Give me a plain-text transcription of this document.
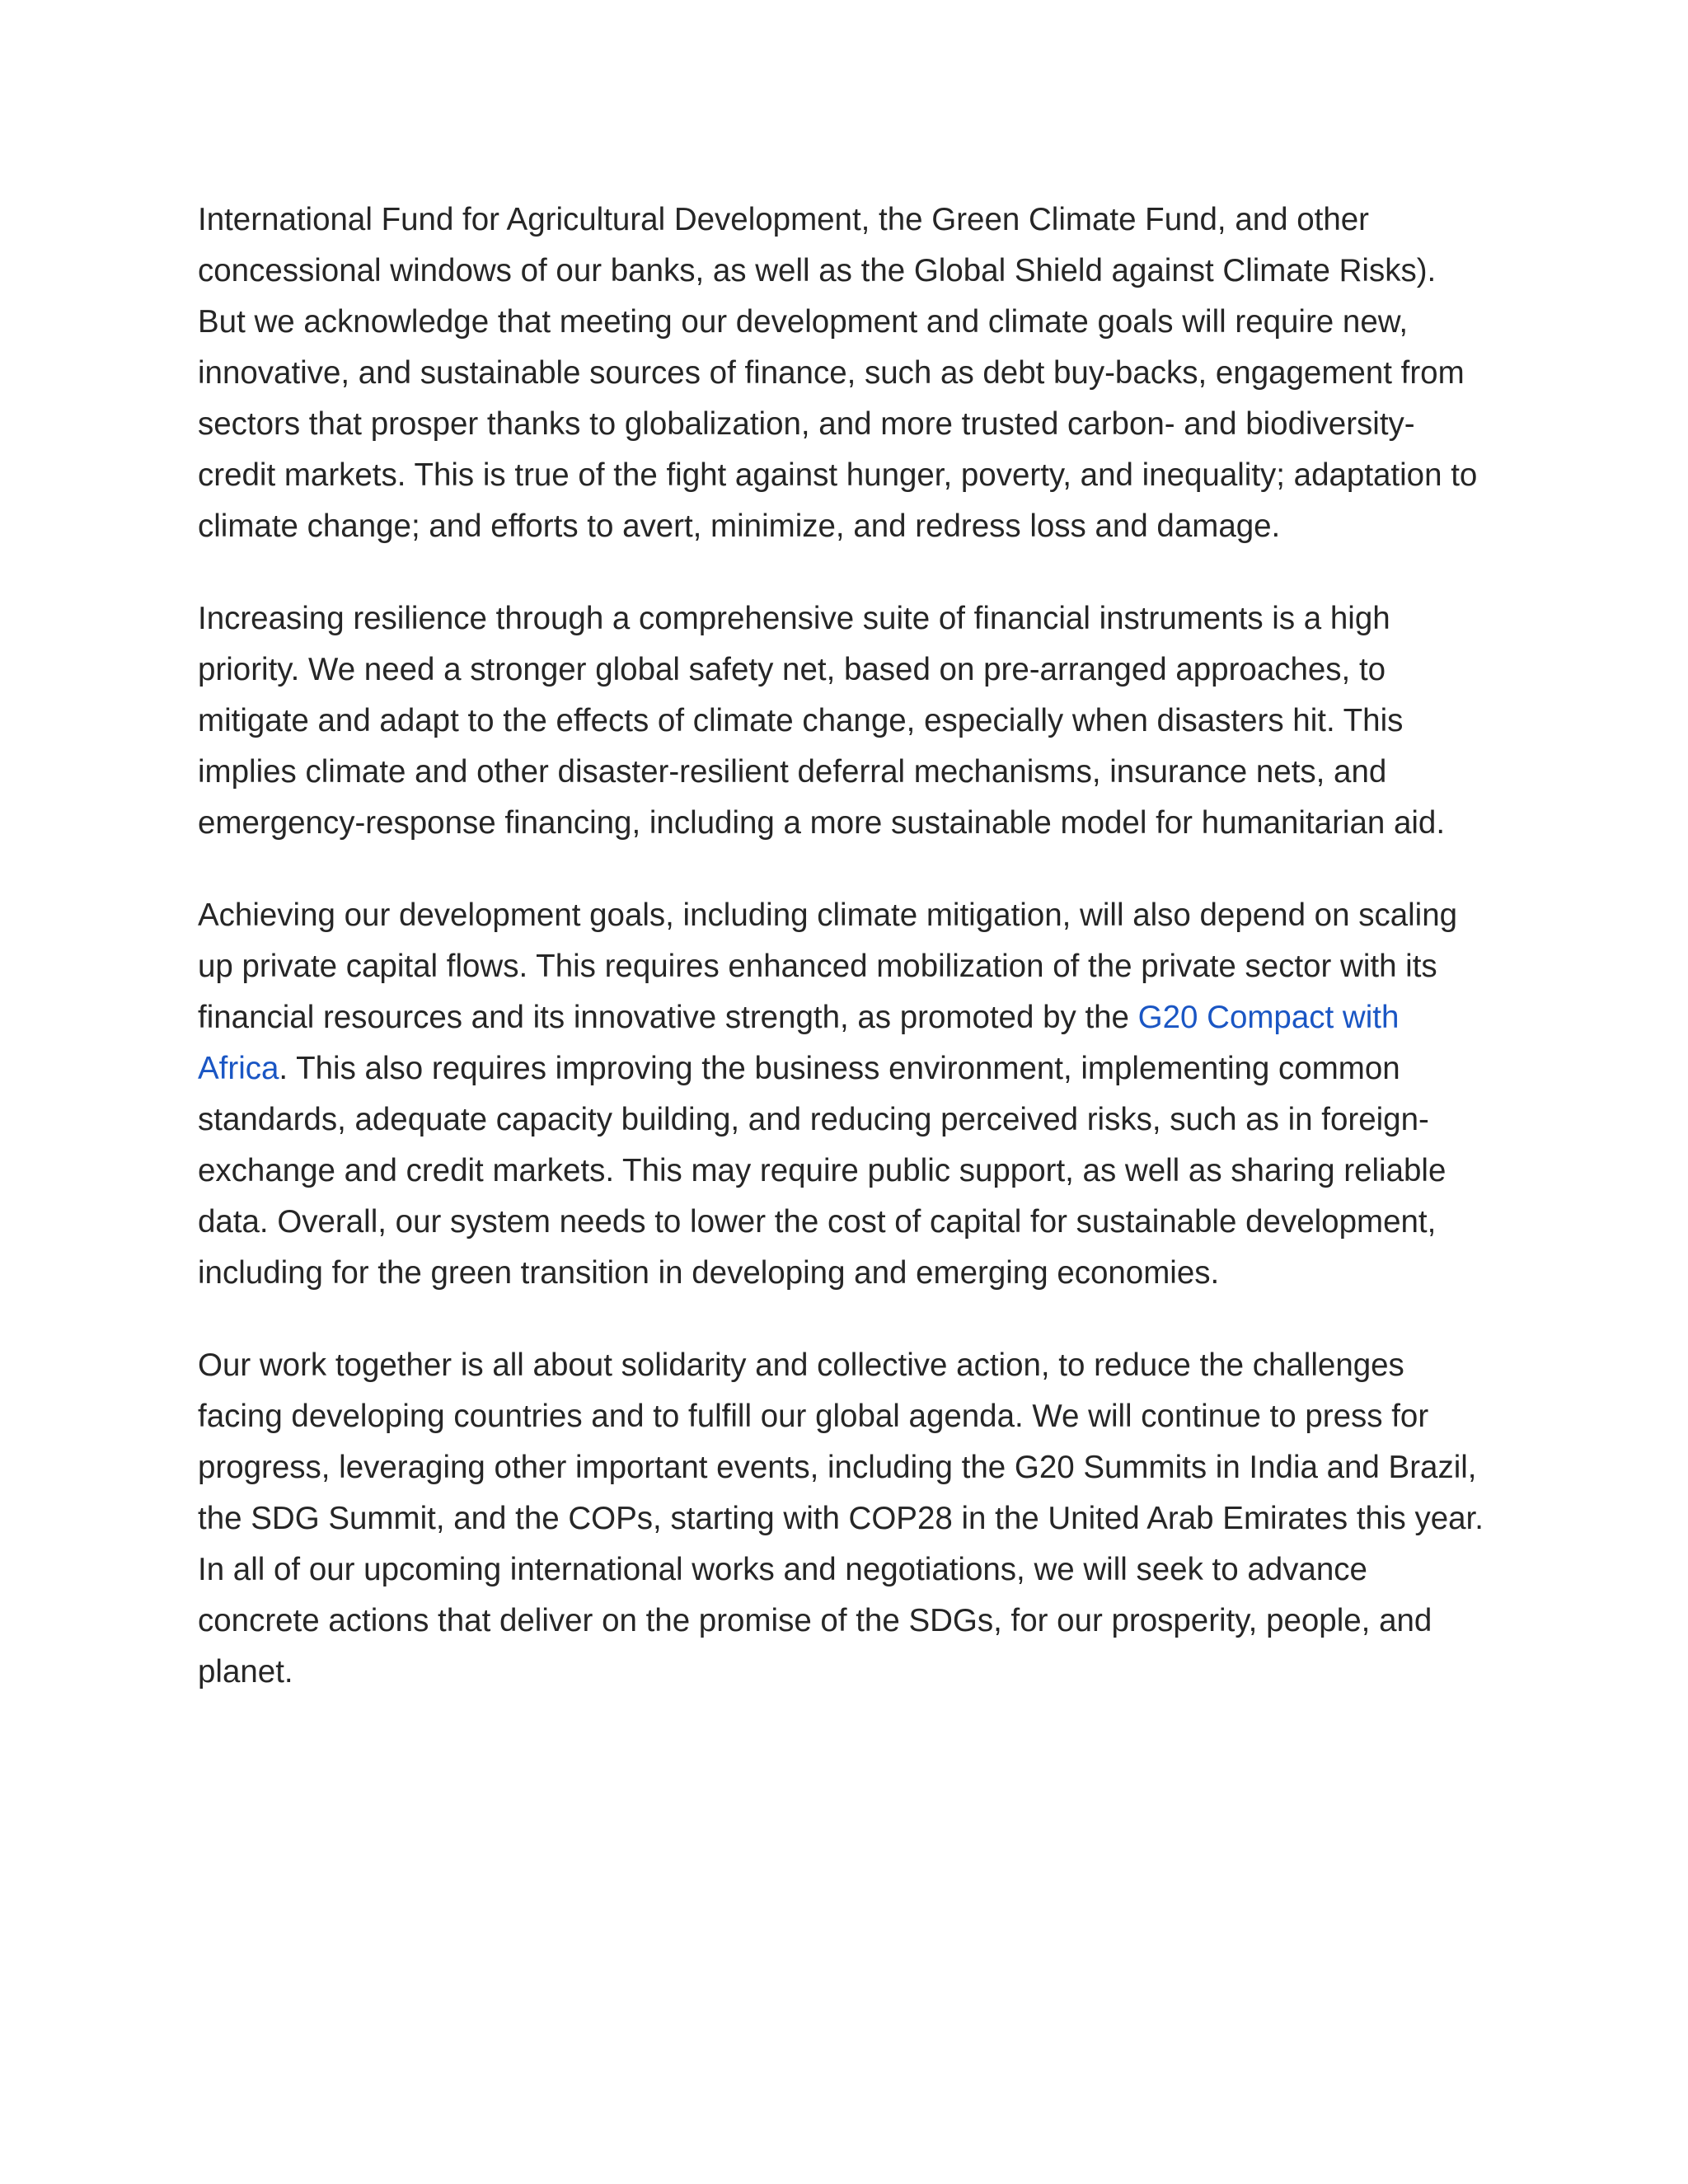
International Fund for Agricultural Development, the Green Climate Fund, and other concessional windows of our banks, as well as the Global Shield against Climate Risks). But we acknowledge that meeting our development and climate goals will require new, innovative, and sustainable sources of finance, such as debt buy-backs, engagement from sectors that prosper thanks to globalization, and more trusted carbon- and biodiversity-credit markets. This is true of the fight against hunger, poverty, and inequality; adaptation to climate change; and efforts to avert, minimize, and redress loss and damage.

Increasing resilience through a comprehensive suite of financial instruments is a high priority. We need a stronger global safety net, based on pre-arranged approaches, to mitigate and adapt to the effects of climate change, especially when disasters hit. This implies climate and other disaster-resilient deferral mechanisms, insurance nets, and emergency-response financing, including a more sustainable model for humanitarian aid.

Achieving our development goals, including climate mitigation, will also depend on scaling up private capital flows. This requires enhanced mobilization of the private sector with its financial resources and its innovative strength, as promoted by the G20 Compact with Africa. This also requires improving the business environment, implementing common standards, adequate capacity building, and reducing perceived risks, such as in foreign-exchange and credit markets. This may require public support, as well as sharing reliable data. Overall, our system needs to lower the cost of capital for sustainable development, including for the green transition in developing and emerging economies.

Our work together is all about solidarity and collective action, to reduce the challenges facing developing countries and to fulfill our global agenda. We will continue to press for progress, leveraging other important events, including the G20 Summits in India and Brazil, the SDG Summit, and the COPs, starting with COP28 in the United Arab Emirates this year. In all of our upcoming international works and negotiations, we will seek to advance concrete actions that deliver on the promise of the SDGs, for our prosperity, people, and planet.
